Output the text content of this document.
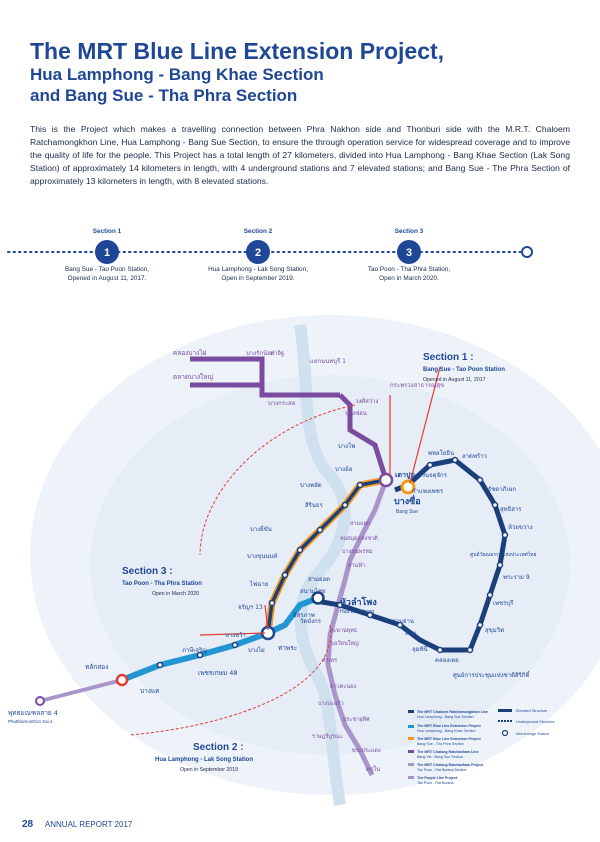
The MRT Blue Line Extension Project,
Hua Lamphong - Bang Khae Section
and Bang Sue - Tha Phra Section
This is the Project which makes a travelling connection between Phra Nakhon side and Thonburi side with the M.R.T. Chaloem Ratchamongkhon Line, Hua Lamphong - Bang Sue Section, to ensure the through operation service for widespread coverage and to improve the quality of life for the people. This Project has a total length of 27 kilometers, divided into Hua Lamphong - Bang Khae Section (Lak Song Station) of approximately 14 kilometers in length, with 4 underground stations and 7 elevated stations; and Bang Sue - The Phra Section of approximately 13 kilometers in length, with 8 elevated stations.
1	2	3
Section 1
Bang Sue - Tao Poon Station,
Opened in August 11, 2017.
Section 2
Hua Lamphong - Lak Song Station,
Open in September 2019.
Section 3
Tao Poon - Tha Phra Station,
Open in March 2020.
Section 1 :
Bang Sue - Tao Poon Station
Opened in August 11, 2017
Section 3 :
Tao Poon - Tha Phra Station
Open in March 2020
Section 2 :
Hua Lamphong - Lak Song Station
Open in September 2019
เตาปูน
บางซื่อ
Bang Sue
หัวลำโพง
Hua Lamphong
ท่าพระ
หลักสอง
บางแค
เพชรเกษม 48
ภาษีเจริญ
บางหว้า
บางไผ่
พุทธมณฑลสาย 4
Phutthamonthon Sai 4
บางโพ
บางอ้อ
บางพลัด
สิรินธร
บางยี่ขัน
บางขุนนนท์
ไฟฉาย
จรัญฯ 13
อิสรภาพ
สนามไชย
สามยอด
วัดมังกร	สามย่าน
สีลม
ลุมพินี
คลองเตย
ศูนย์การประชุมแห่งชาติสิริกิติ์
สุขุมวิท
เพชรบุรี
พระราม 9
ศูนย์วัฒนธรรมแห่งประเทศไทย
ห้วยขวาง
สุทธิสาร
รัชดาภิเษก
ลาดพร้าว
พหลโยธิน
สวนจตุจักร
กำแพงเพชร
คลองบางไผ่
ตลาดบางใหญ่
บางรักน้อย
ท่าอิฐ
แยกนนทบุรี 1
กระทรวงสาธารณสุข
วงศ์สว่าง
บางซ่อน
บางกระสอ
หอสมุดแห่งชาติ
บางขุนพรหม
ผ่านฟ้า
สามแยก
สะพานพุทธ
วงเวียนใหญ่
สำเหร่
ดาวคะนอง
บางปะแก้ว
ประชาอุทิศ
ราษฎร์บูรณะ
พระประแดง
ครุใน
The MRT Chaloem Ratchamongkhon Line
Hua Lamphong - Bang Sue Section
The MRT Blue Line Extension Project
Hua Lamphong - Bang Khae Section
The MRT Blue Line Extension Project
Bang Sue - Tha Phra Section
The MRT Chalong Ratchadham Line
Bang Yai - Bang Sue Section
The MRT Chalong Ratchadham Project
Tao Poon - Rat Burana Section
The Purple Line Project
Tao Poon - Rat Burana
Elevated Structure
Underground Structure
Interchange Station
28 ANNUAL REPORT 2017
